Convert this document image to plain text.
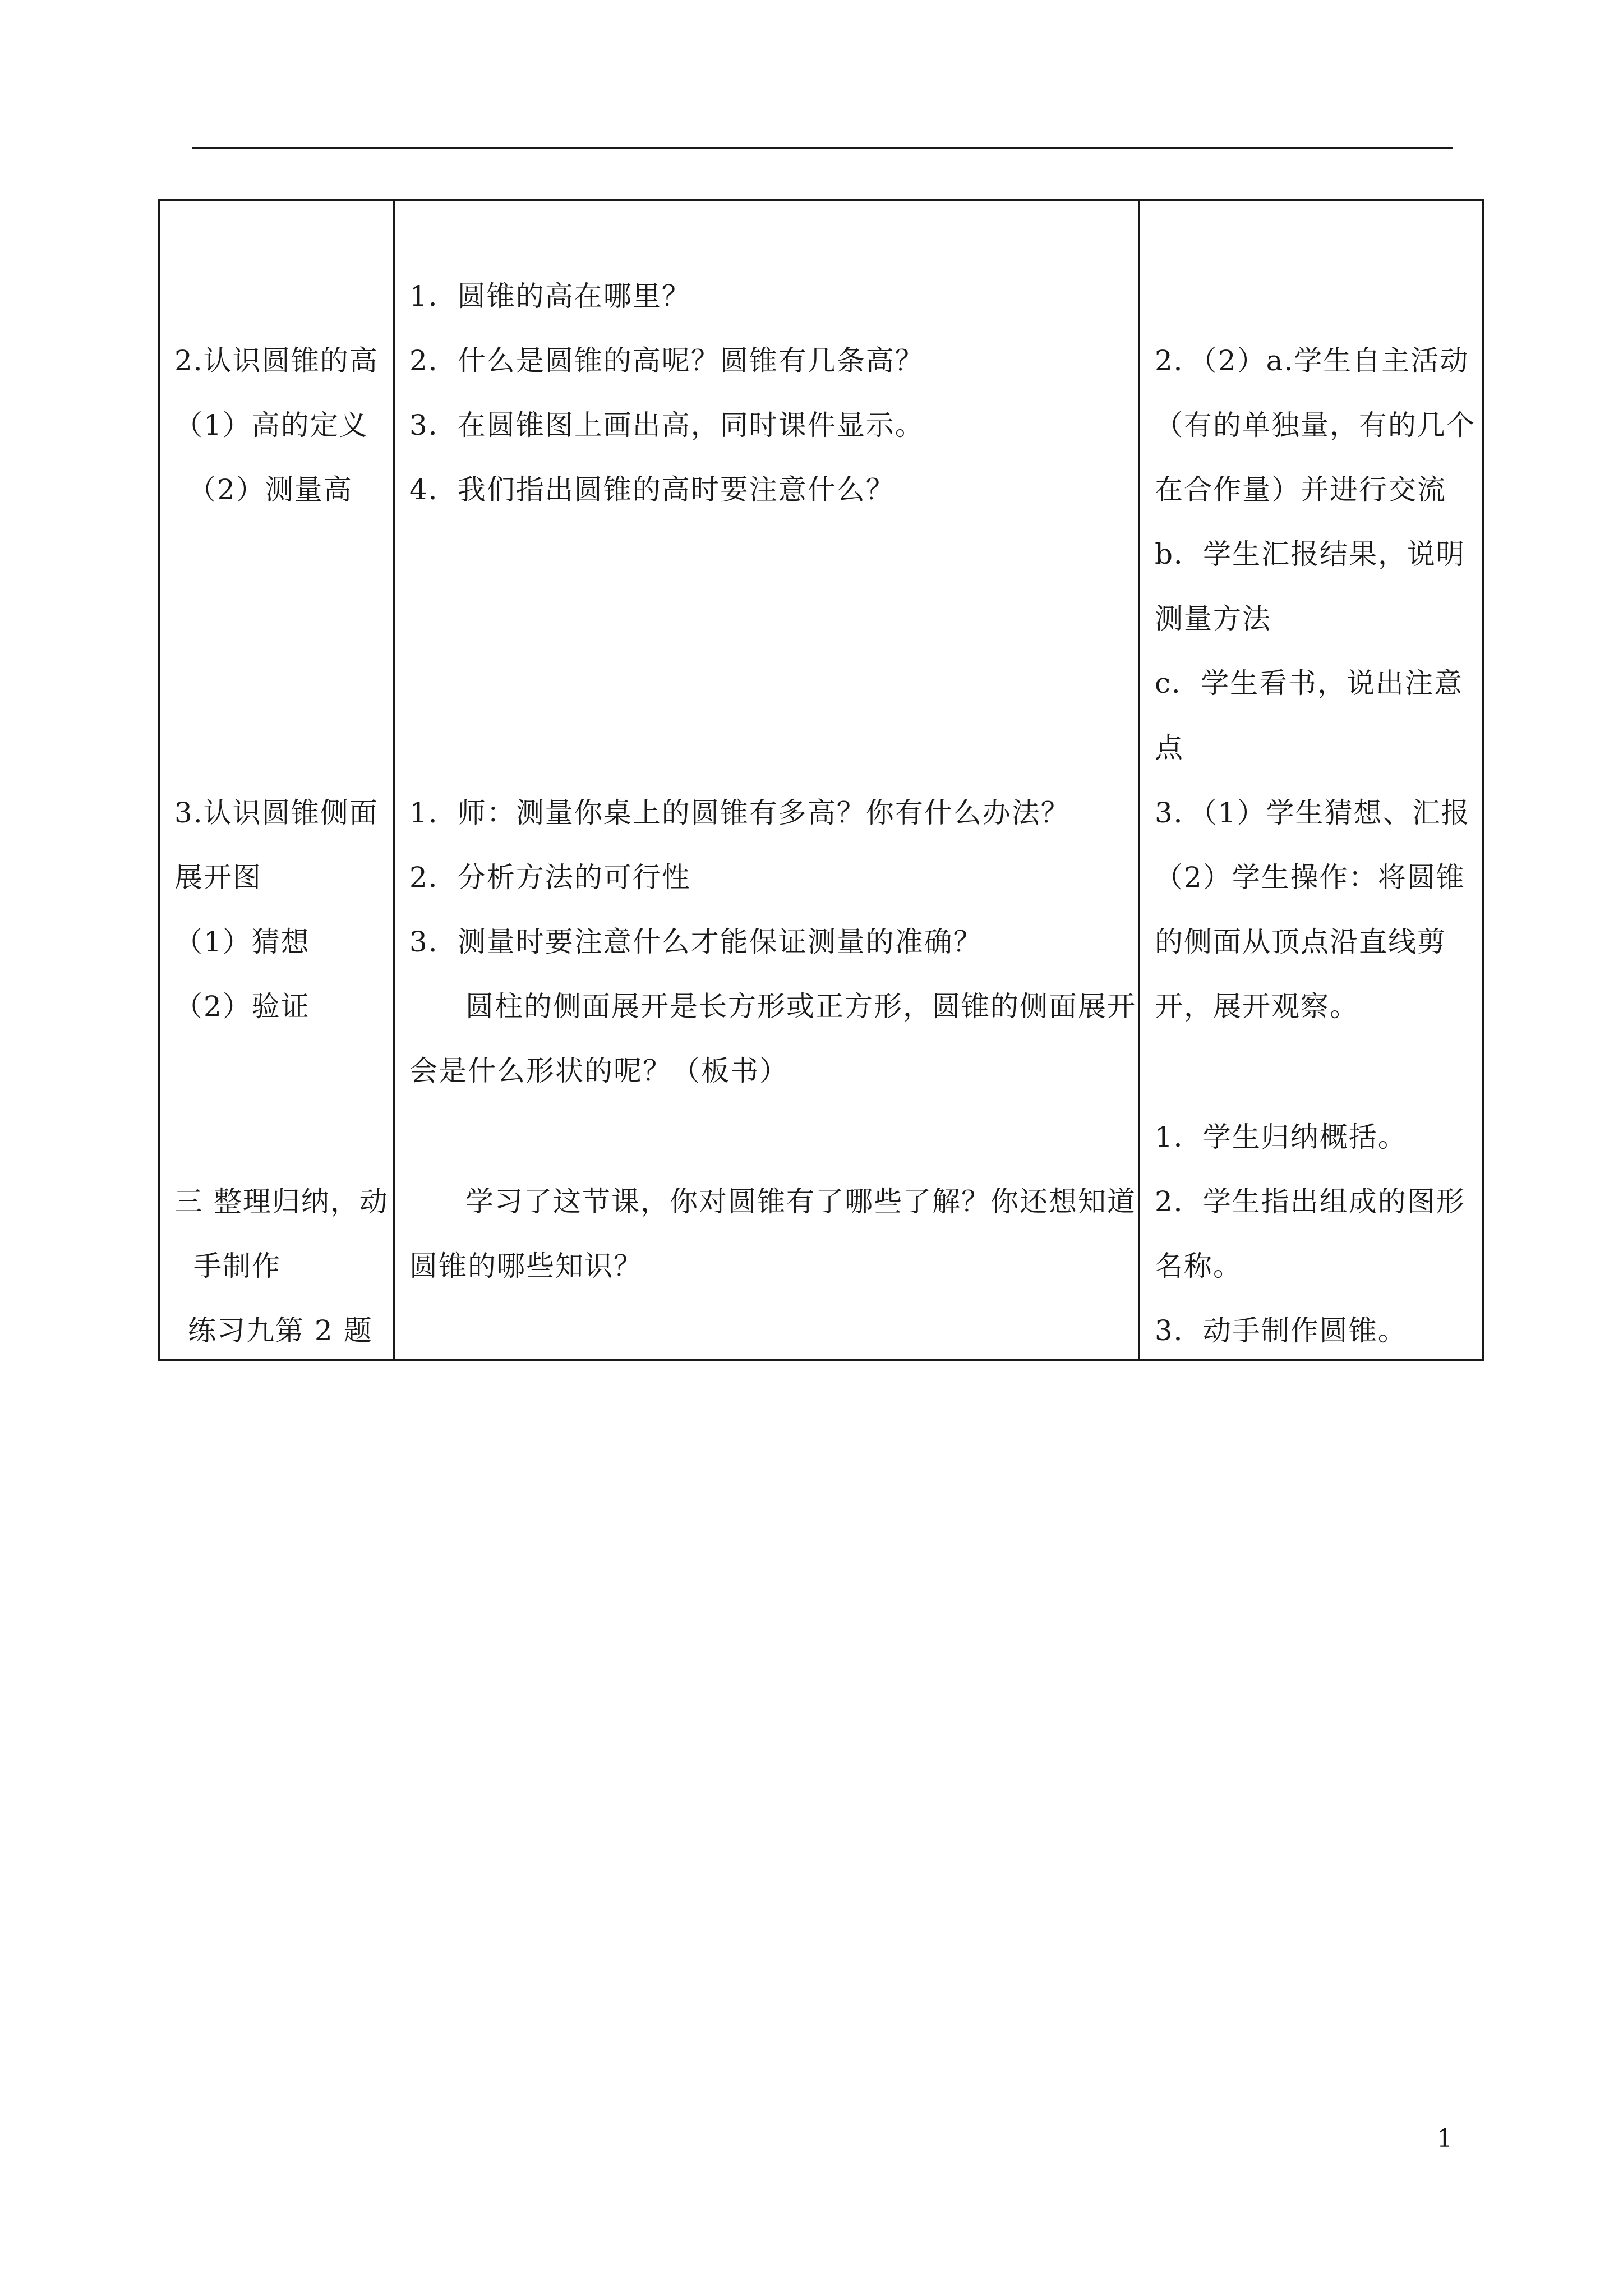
2.认识圆锥的高
（1）高的定义
（2）测量高
3.认识圆锥侧面
展开图
（1）猜想
（2）验证
三 整理归纳，动
手制作
练习九第 2 题
1．圆锥的高在哪里？
2．什么是圆锥的高呢？圆锥有几条高？
3．在圆锥图上画出高，同时课件显示。
4．我们指出圆锥的高时要注意什么？
1．师：测量你桌上的圆锥有多高？你有什么办法？
2．分析方法的可行性
3．测量时要注意什么才能保证测量的准确？
圆柱的侧面展开是长方形或正方形，圆锥的侧面展开
会是什么形状的呢？（板书）
学习了这节课，你对圆锥有了哪些了解？你还想知道
圆锥的哪些知识？
2．（2）a.学生自主活动
（有的单独量，有的几个
在合作量）并进行交流
b．学生汇报结果，说明
测量方法
c．学生看书，说出注意
点
3．（1）学生猜想、汇报
（2）学生操作：将圆锥
的侧面从顶点沿直线剪
开，展开观察。
1．学生归纳概括。
2．学生指出组成的图形
名称。
3．动手制作圆锥。
1
